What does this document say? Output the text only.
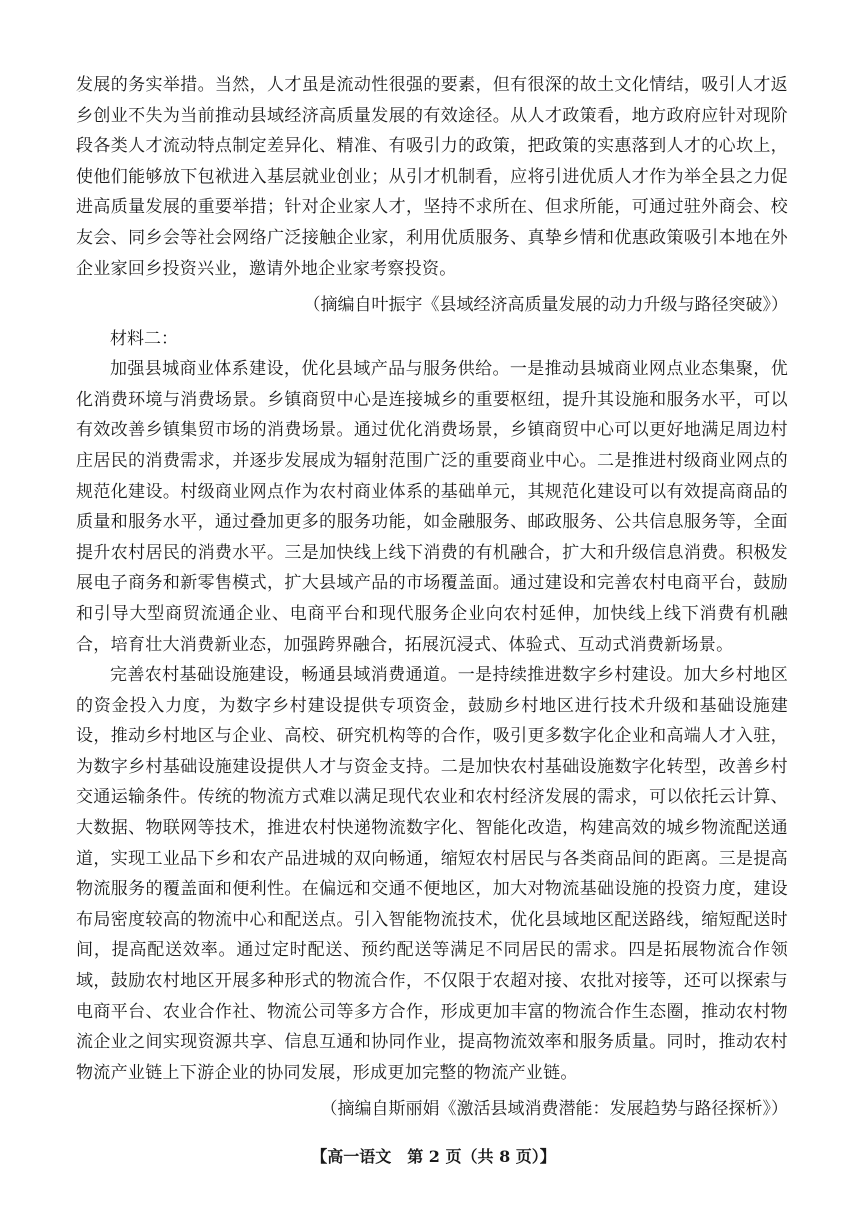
发展的务实举措。当然，人才虽是流动性很强的要素，但有很深的故土文化情结，吸引人才返乡创业不失为当前推动县域经济高质量发展的有效途径。从人才政策看，地方政府应针对现阶段各类人才流动特点制定差异化、精准、有吸引力的政策，把政策的实惠落到人才的心坎上，使他们能够放下包袱进入基层就业创业；从引才机制看，应将引进优质人才作为举全县之力促进高质量发展的重要举措；针对企业家人才，坚持不求所在、但求所能，可通过驻外商会、校友会、同乡会等社会网络广泛接触企业家，利用优质服务、真挚乡情和优惠政策吸引本地在外企业家回乡投资兴业，邀请外地企业家考察投资。

（摘编自叶振宇《县域经济高质量发展的动力升级与路径突破》）

材料二：

加强县城商业体系建设，优化县域产品与服务供给。一是推动县城商业网点业态集聚，优化消费环境与消费场景。乡镇商贸中心是连接城乡的重要枢纽，提升其设施和服务水平，可以有效改善乡镇集贸市场的消费场景。通过优化消费场景，乡镇商贸中心可以更好地满足周边村庄居民的消费需求，并逐步发展成为辐射范围广泛的重要商业中心。二是推进村级商业网点的规范化建设。村级商业网点作为农村商业体系的基础单元，其规范化建设可以有效提高商品的质量和服务水平，通过叠加更多的服务功能，如金融服务、邮政服务、公共信息服务等，全面提升农村居民的消费水平。三是加快线上线下消费的有机融合，扩大和升级信息消费。积极发展电子商务和新零售模式，扩大县域产品的市场覆盖面。通过建设和完善农村电商平台，鼓励和引导大型商贸流通企业、电商平台和现代服务企业向农村延伸，加快线上线下消费有机融合，培育壮大消费新业态，加强跨界融合，拓展沉浸式、体验式、互动式消费新场景。

完善农村基础设施建设，畅通县域消费通道。一是持续推进数字乡村建设。加大乡村地区的资金投入力度，为数字乡村建设提供专项资金，鼓励乡村地区进行技术升级和基础设施建设，推动乡村地区与企业、高校、研究机构等的合作，吸引更多数字化企业和高端人才入驻，为数字乡村基础设施建设提供人才与资金支持。二是加快农村基础设施数字化转型，改善乡村交通运输条件。传统的物流方式难以满足现代农业和农村经济发展的需求，可以依托云计算、大数据、物联网等技术，推进农村快递物流数字化、智能化改造，构建高效的城乡物流配送通道，实现工业品下乡和农产品进城的双向畅通，缩短农村居民与各类商品间的距离。三是提高物流服务的覆盖面和便利性。在偏远和交通不便地区，加大对物流基础设施的投资力度，建设布局密度较高的物流中心和配送点。引入智能物流技术，优化县域地区配送路线，缩短配送时间，提高配送效率。通过定时配送、预约配送等满足不同居民的需求。四是拓展物流合作领域，鼓励农村地区开展多种形式的物流合作，不仅限于农超对接、农批对接等，还可以探索与电商平台、农业合作社、物流公司等多方合作，形成更加丰富的物流合作生态圈，推动农村物流企业之间实现资源共享、信息互通和协同作业，提高物流效率和服务质量。同时，推动农村物流产业链上下游企业的协同发展，形成更加完整的物流产业链。

（摘编自斯丽娟《激活县域消费潜能：发展趋势与路径探析》）

【高一语文　第 2 页（共 8 页）】
